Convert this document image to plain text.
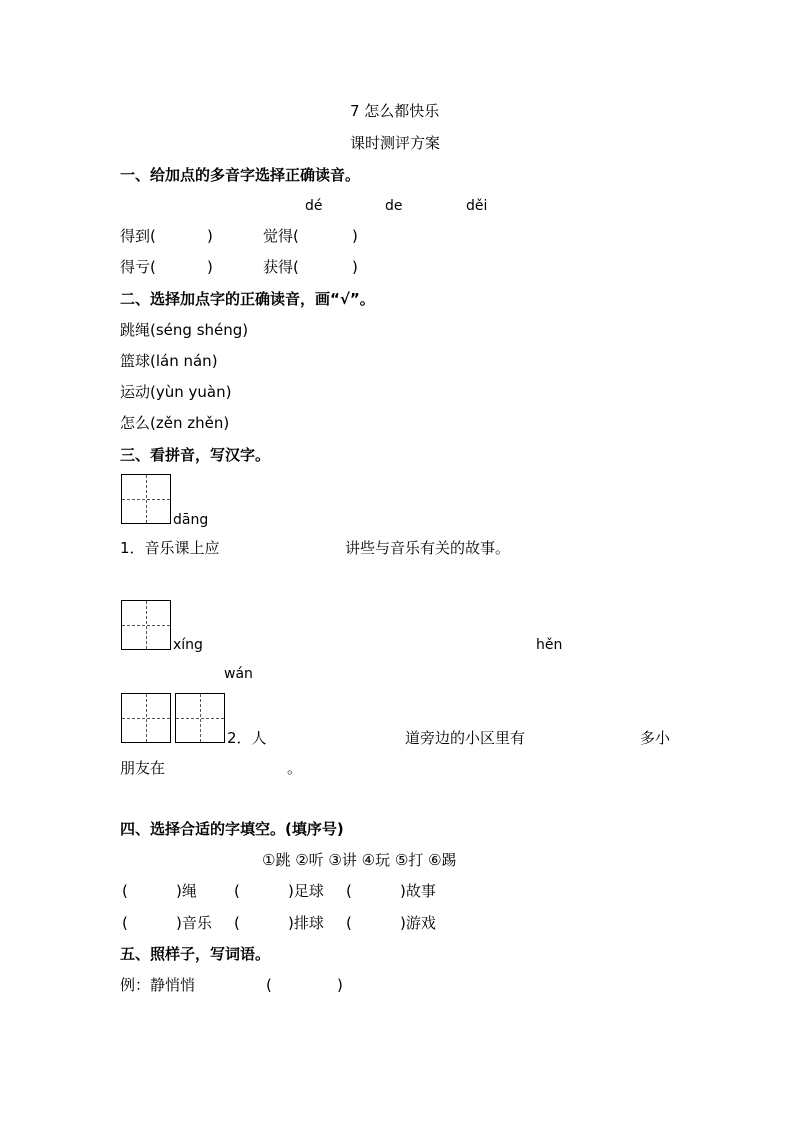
7 怎么都快乐
课时测评方案
一、给加点的多音字选择正确读音。
dé	de	děi
得到(	)	觉得(	)
得亏(	)	获得(	)
二、选择加点字的正确读音，画“√”。
跳绳(séng shéng)
篮球(lán nán)
运动(yùn yuàn)
怎么(zěn zhěn)
三、看拼音，写汉字。
dāng
1．音乐课上应	讲些与音乐有关的故事。
xíng	hěn
wán
2．人	道旁边的小区里有	多小
朋友在	。
四、选择合适的字填空。(填序号)
①跳 ②听 ③讲 ④玩 ⑤打 ⑥踢
(	)绳 (	)足球 (	)故事
(	)音乐 (	)排球 (	)游戏
五、照样子，写词语。
例：静悄悄	(	)
